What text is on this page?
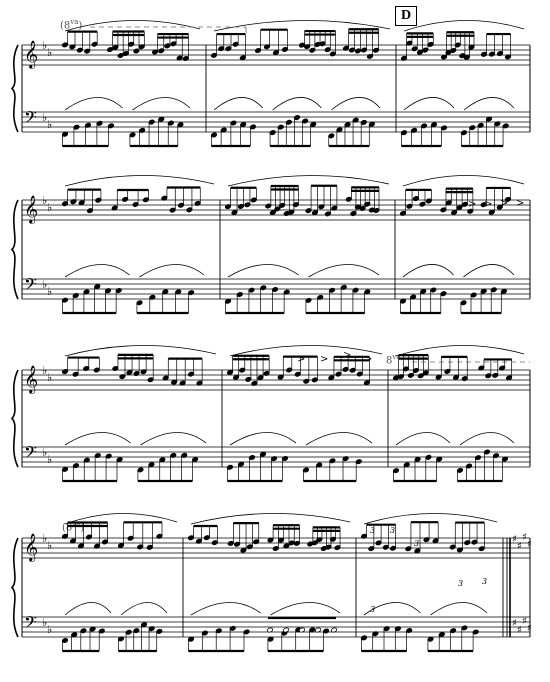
D
$(8^{va})$
$8^{va}$
$(8^{va})$
𝄞
𝄢
♭
♭
♭
♭
𝄞
𝄢
♭
♭
♭
♭
𝄞
𝄢
♭
♭
♭
♭
𝄞
𝄢
♭
♭
♭
♭
> > > >
> > > >
3 3
3
3 3
3
♯
♯
♯
♯
♯
♯
♯
♯
